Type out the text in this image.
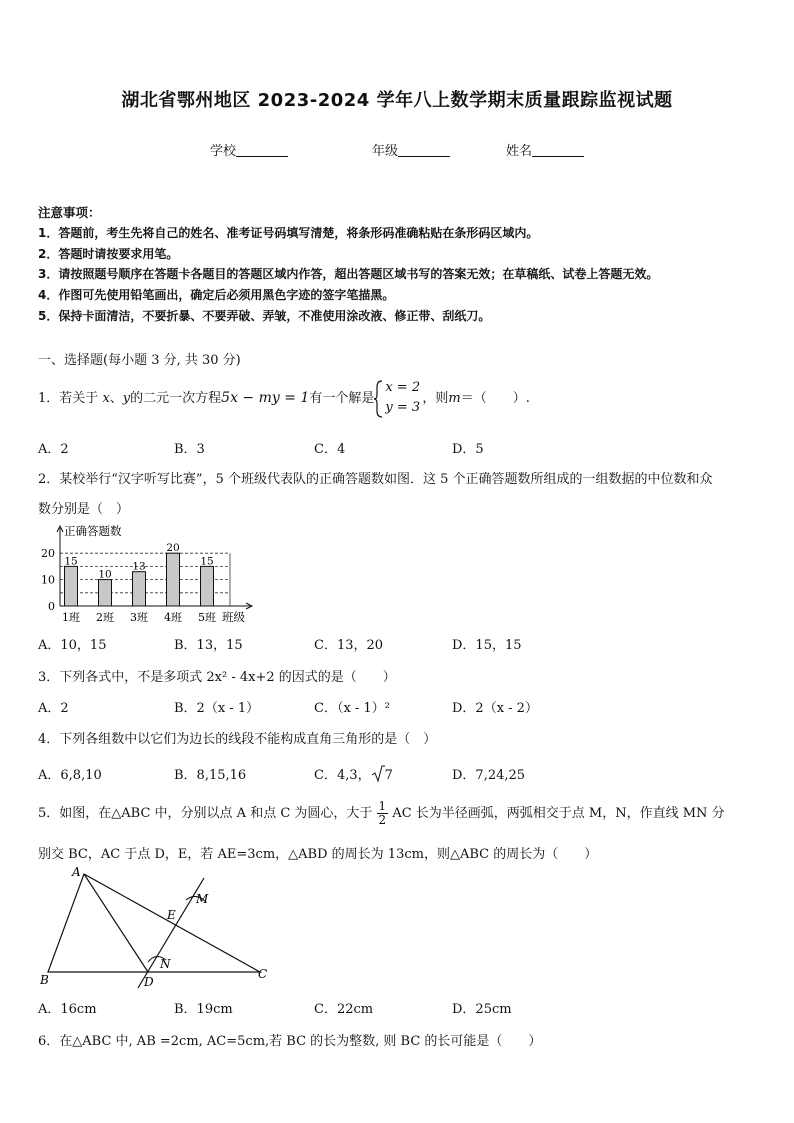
湖北省鄂州地区 2023-2024 学年八上数学期末质量跟踪监视试题
学校	年级	姓名
注意事项：
1．答题前，考生先将自己的姓名、准考证号码填写清楚，将条形码准确粘贴在条形码区域内。
2．答题时请按要求用笔。
3．请按照题号顺序在答题卡各题目的答题区域内作答，超出答题区域书写的答案无效；在草稿纸、试卷上答题无效。
4．作图可先使用铅笔画出，确定后必须用黑色字迹的签字笔描黑。
5．保持卡面清洁，不要折暴、不要弄破、弄皱，不准使用涂改液、修正带、刮纸刀。
一、选择题(每小题 3 分, 共 30 分)
1．若关于 x、y的二元一次方程5x − my = 1有一个解是
x = 2
y = 3
，则m＝（　　）.
A．2	B．3	C．4	D．5
2．某校举行“汉字听写比赛”，5 个班级代表队的正确答题数如图．这 5 个正确答题数所组成的一组数据的中位数和众
数分别是（　）
正确答题数
班级
0
10
20
15
1班
10
2班
13
3班
20
4班
15
5班
A．10，15	B．13，15	C．13，20	D．15，15
3．下列各式中，不是多项式 2x² - 4x+2 的因式的是（　　）
A．2	B．2（x - 1）	C．（x - 1）²	D．2（x - 2）
4．下列各组数中以它们为边长的线段不能构成直角三角形的是（　）
A．6,8,10	B．8,15,16	C．4,3， 7	D．7,24,25
5．如图，在△ABC 中，分别以点 A 和点 C 为圆心，大于 $\frac{1}{2}$ AC 长为半径画弧，两弧相交于点 M，N，作直线 MN 分
别交 BC，AC 于点 D，E，若 AE=3cm，△ABD 的周长为 13cm，则△ABC 的周长为（　　）
A
B	C
D
E
M
N
A．16cm	B．19cm	C．22cm	D．25cm
6．在△ABC 中, AB =2cm, AC=5cm,若 BC 的长为整数, 则 BC 的长可能是（　　）
